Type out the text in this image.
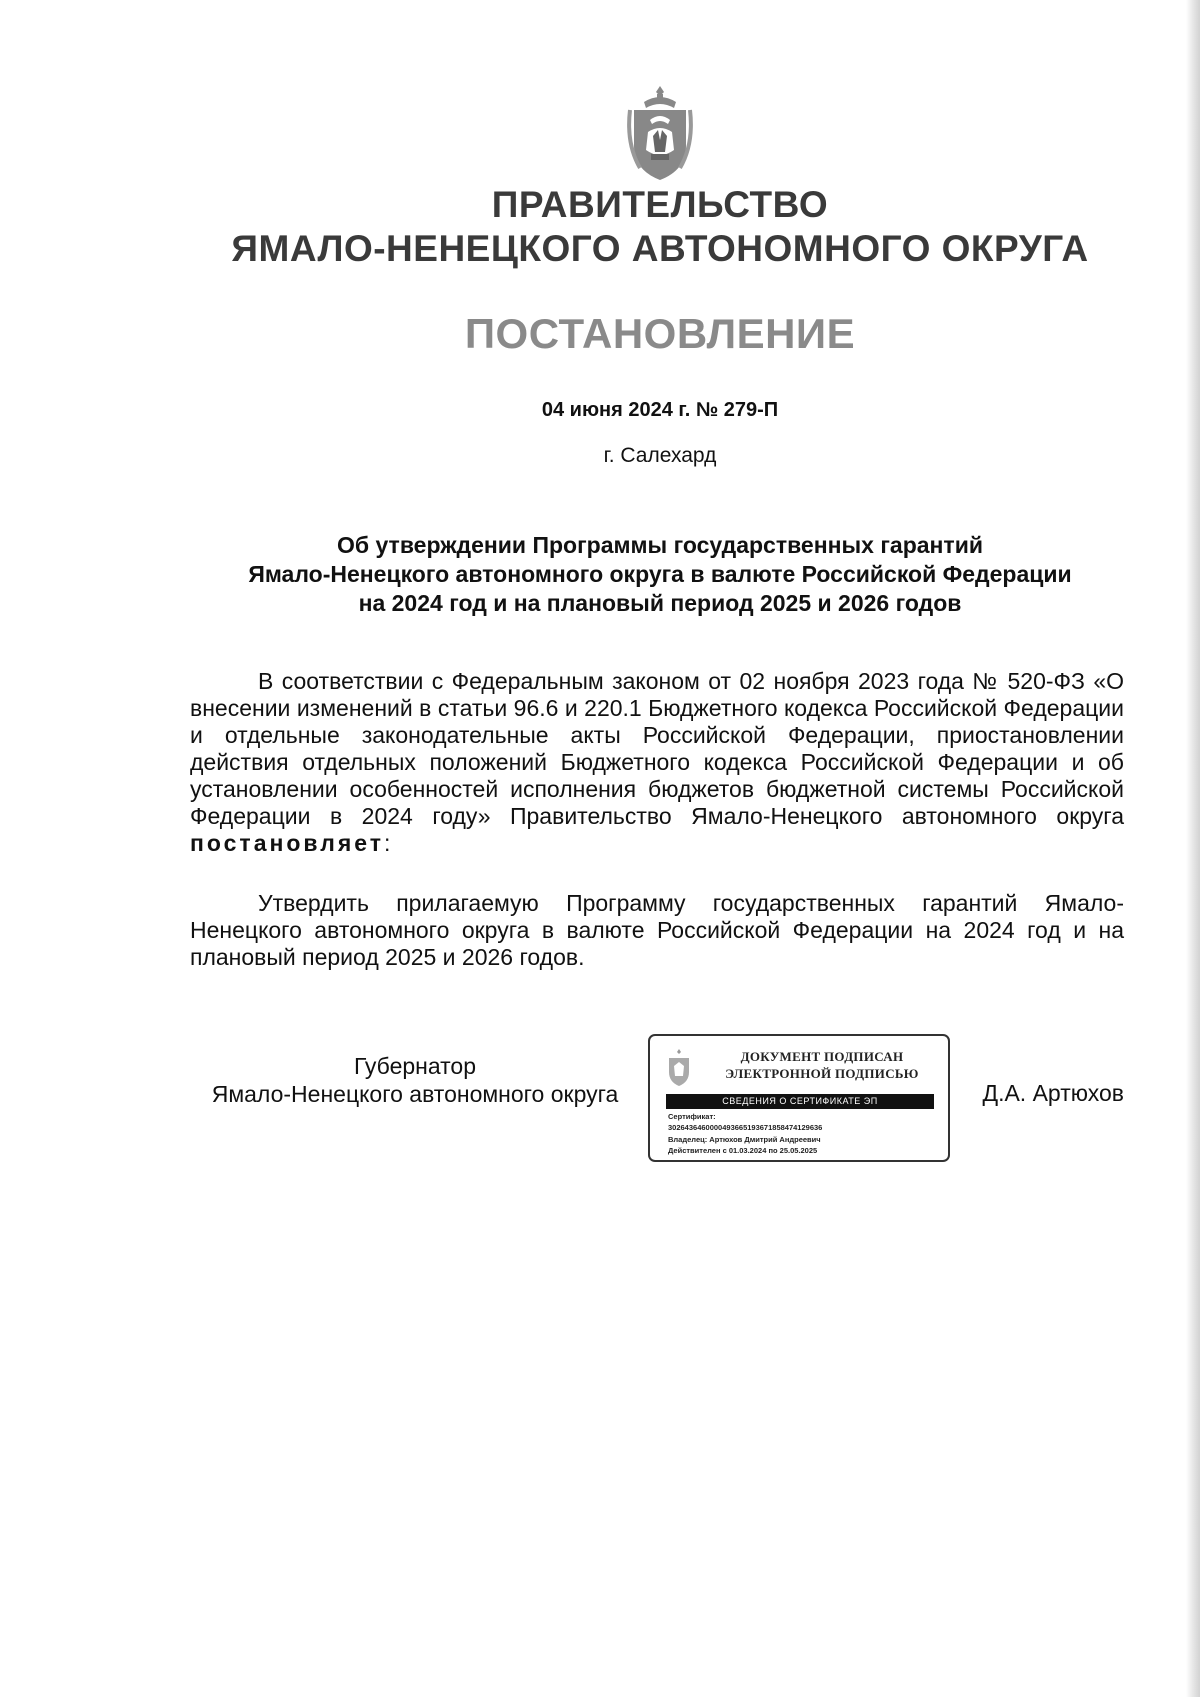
ПРАВИТЕЛЬСТВО
ЯМАЛО-НЕНЕЦКОГО АВТОНОМНОГО ОКРУГА
ПОСТАНОВЛЕНИЕ
04 июня 2024 г. № 279-П
г. Салехард
Об утверждении Программы государственных гарантий
Ямало-Ненецкого автономного округа в валюте Российской Федерации
на 2024 год и на плановый период 2025 и 2026 годов
В соответствии с Федеральным законом от 02 ноября 2023 года № 520-ФЗ «О внесении изменений в статьи 96.6 и 220.1 Бюджетного кодекса Российской Федерации и отдельные законодательные акты Российской Федерации, приостановлении действия отдельных положений Бюджетного кодекса Российской Федерации и об установлении особенностей исполнения бюджетов бюджетной системы Российской Федерации в 2024 году» Правительство Ямало-Ненецкого автономного округа постановляет:
Утвердить прилагаемую Программу государственных гарантий Ямало-Ненецкого автономного округа в валюте Российской Федерации на 2024 год и на плановый период 2025 и 2026 годов.
Губернатор
Ямало-Ненецкого автономного округа
ДОКУМЕНТ ПОДПИСАН
ЭЛЕКТРОННОЙ ПОДПИСЬЮ
СВЕДЕНИЯ О СЕРТИФИКАТЕ ЭП
Сертификат:
3026436460000493665193671858474129636
Владелец: Артюхов Дмитрий Андреевич
Действителен с 01.03.2024 по 25.05.2025
Д.А. Артюхов
